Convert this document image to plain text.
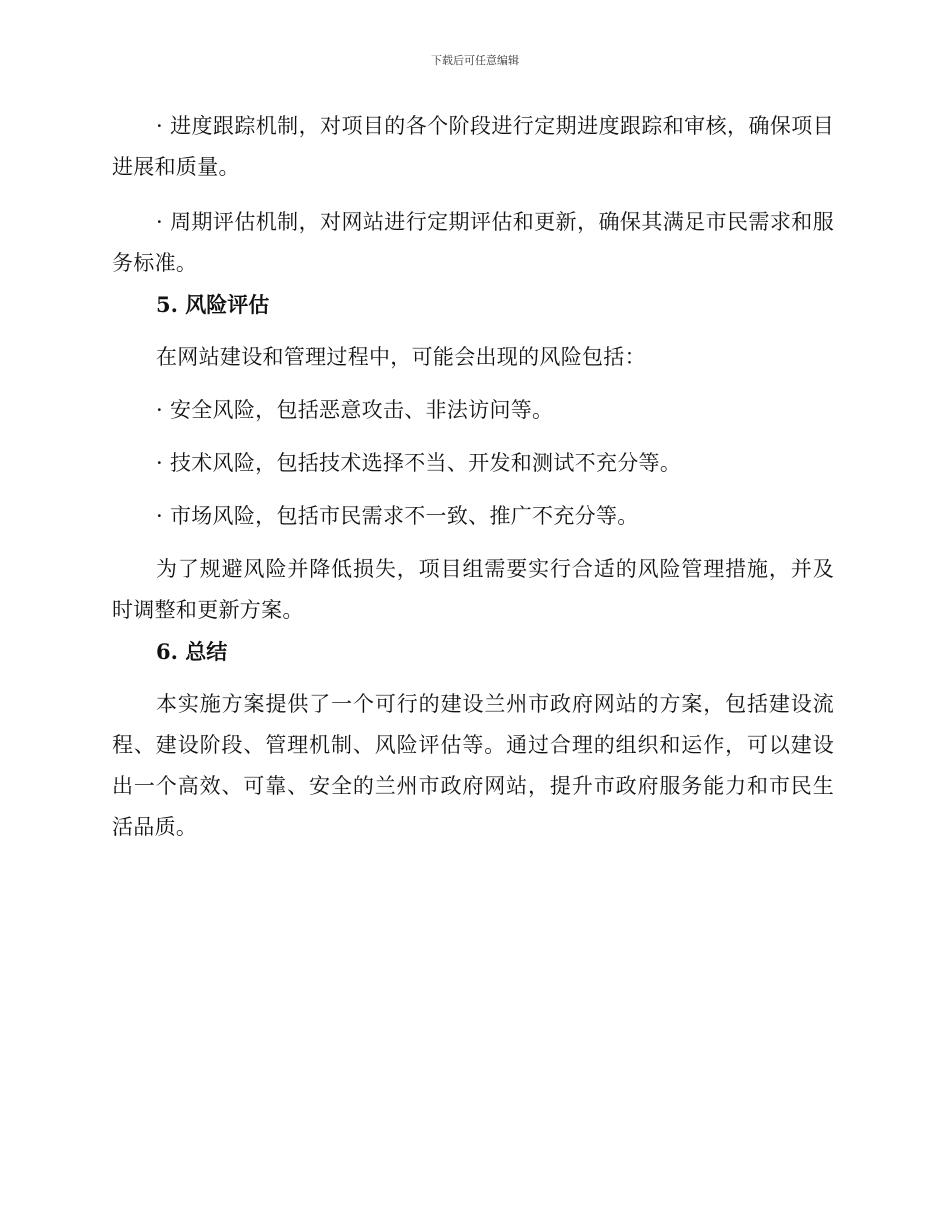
下载后可任意编辑

· 进度跟踪机制，对项目的各个阶段进行定期进度跟踪和审核，确保项目进展和质量。

· 周期评估机制，对网站进行定期评估和更新，确保其满足市民需求和服务标准。

5. 风险评估

在网站建设和管理过程中，可能会出现的风险包括：

· 安全风险，包括恶意攻击、非法访问等。

· 技术风险，包括技术选择不当、开发和测试不充分等。

· 市场风险，包括市民需求不一致、推广不充分等。

为了规避风险并降低损失，项目组需要实行合适的风险管理措施，并及时调整和更新方案。

6. 总结

本实施方案提供了一个可行的建设兰州市政府网站的方案，包括建设流程、建设阶段、管理机制、风险评估等。通过合理的组织和运作，可以建设出一个高效、可靠、安全的兰州市政府网站，提升市政府服务能力和市民生活品质。
